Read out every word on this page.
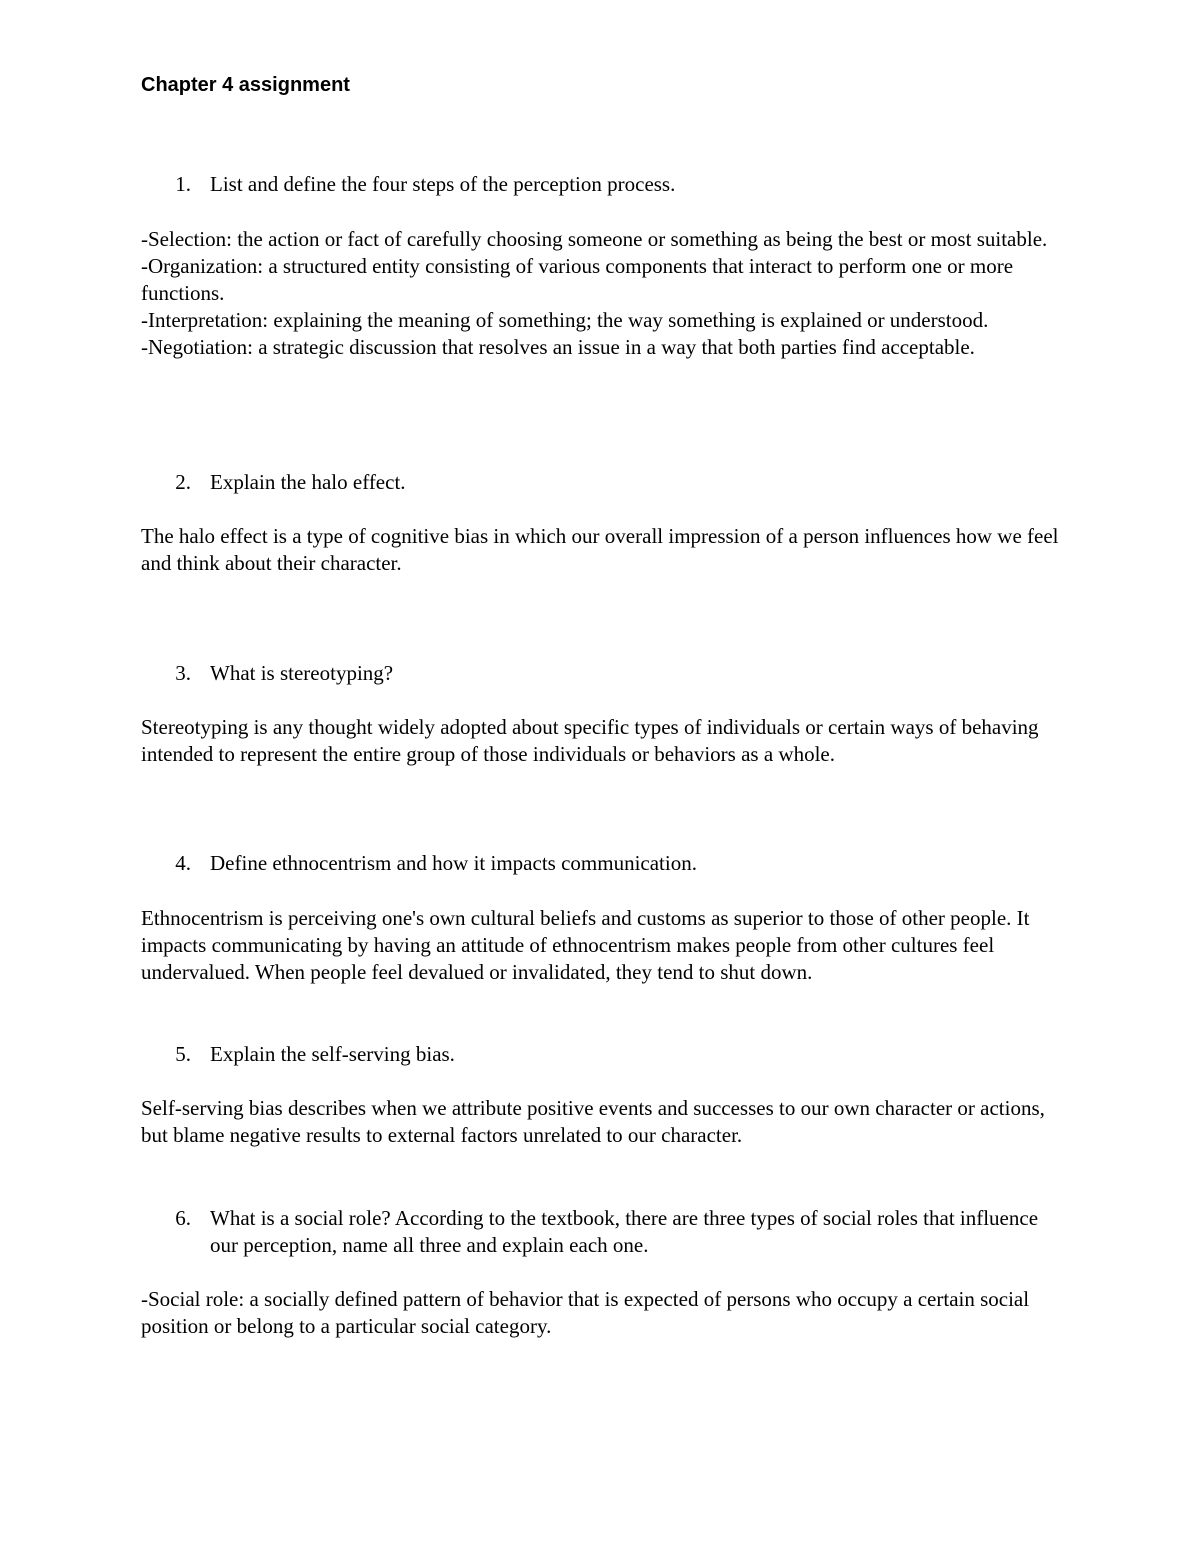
Chapter 4 assignment
1. List and define the four steps of the perception process.

-Selection: the action or fact of carefully choosing someone or something as being the best or most suitable.

-Organization: a structured entity consisting of various components that interact to perform one or more functions.

-Interpretation: explaining the meaning of something; the way something is explained or understood.

-Negotiation: a strategic discussion that resolves an issue in a way that both parties find acceptable.

2. Explain the halo effect.

The halo effect is a type of cognitive bias in which our overall impression of a person influences how we feel and think about their character.

3. What is stereotyping?

Stereotyping is any thought widely adopted about specific types of individuals or certain ways of behaving intended to represent the entire group of those individuals or behaviors as a whole.

4. Define ethnocentrism and how it impacts communication.

Ethnocentrism is perceiving one's own cultural beliefs and customs as superior to those of other people. It impacts communicating by having an attitude of ethnocentrism makes people from other cultures feel undervalued. When people feel devalued or invalidated, they tend to shut down.

5. Explain the self-serving bias.

Self-serving bias describes when we attribute positive events and successes to our own character or actions, but blame negative results to external factors unrelated to our character.

6. What is a social role? According to the textbook, there are three types of social roles that influence our perception, name all three and explain each one.

-Social role: a socially defined pattern of behavior that is expected of persons who occupy a certain social position or belong to a particular social category.
